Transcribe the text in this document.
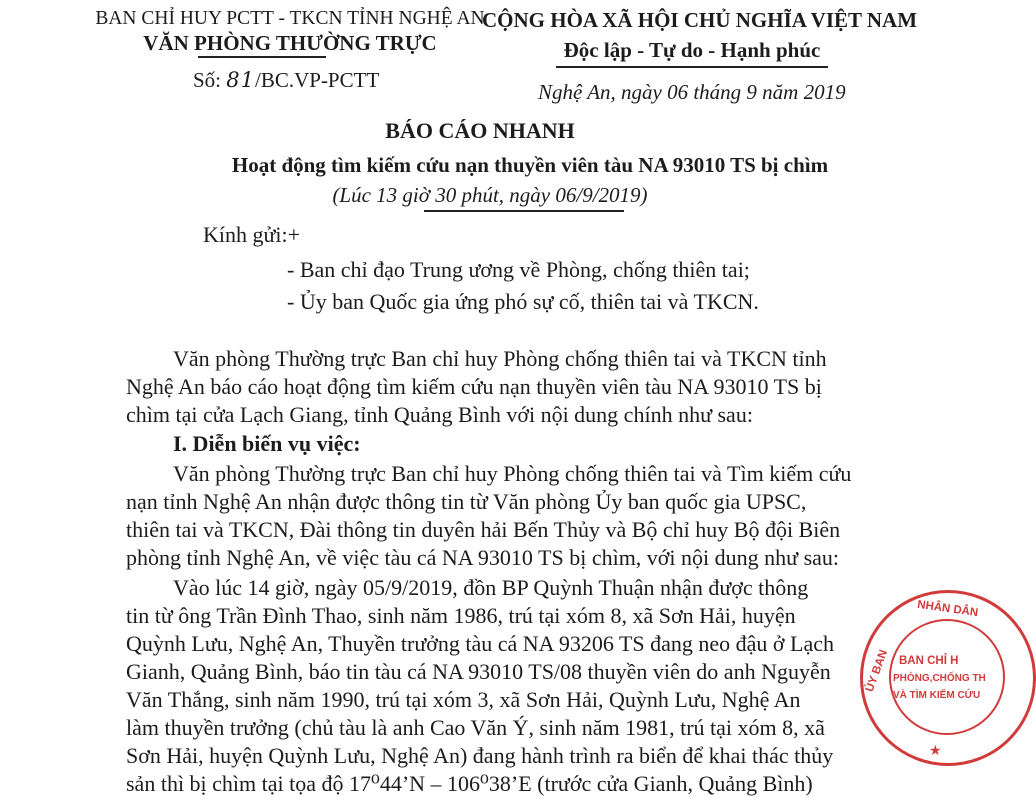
BAN CHỈ HUY PCTT - TKCN TỈNH NGHỆ AN
VĂN PHÒNG THƯỜNG TRỰC
CỘNG HÒA XÃ HỘI CHỦ NGHĨA VIỆT NAM
Độc lập - Tự do - Hạnh phúc
Số: 81/BC.VP-PCTT	Nghệ An, ngày 06 tháng 9 năm 2019
BÁO CÁO NHANH
Hoạt động tìm kiếm cứu nạn thuyền viên tàu NA 93010 TS bị chìm
(Lúc 13 giờ 30 phút, ngày 06/9/2019)
Kính gửi:+
- Ban chỉ đạo Trung ương về Phòng, chống thiên tai;
- Ủy ban Quốc gia ứng phó sự cố, thiên tai và TKCN.
Văn phòng Thường trực Ban chỉ huy Phòng chống thiên tai và TKCN tỉnh
Nghệ An báo cáo hoạt động tìm kiếm cứu nạn thuyền viên tàu NA 93010 TS bị
chìm tại cửa Lạch Giang, tỉnh Quảng Bình với nội dung chính như sau:
I. Diễn biến vụ việc:
Văn phòng Thường trực Ban chỉ huy Phòng chống thiên tai và Tìm kiếm cứu
nạn tỉnh Nghệ An nhận được thông tin từ Văn phòng Ủy ban quốc gia UPSC,
thiên tai và TKCN, Đài thông tin duyên hải Bến Thủy và Bộ chỉ huy Bộ đội Biên
phòng tỉnh Nghệ An, về việc tàu cá NA 93010 TS bị chìm, với nội dung như sau:
Vào lúc 14 giờ, ngày 05/9/2019, đồn BP Quỳnh Thuận nhận được thông
tin từ ông Trần Đình Thao, sinh năm 1986, trú tại xóm 8, xã Sơn Hải, huyện
Quỳnh Lưu, Nghệ An, Thuyền trưởng tàu cá NA 93206 TS đang neo đậu ở Lạch
Gianh, Quảng Bình, báo tin tàu cá NA 93010 TS/08 thuyền viên do anh Nguyễn
Văn Thắng, sinh năm 1990, trú tại xóm 3, xã Sơn Hải, Quỳnh Lưu, Nghệ An
làm thuyền trưởng (chủ tàu là anh Cao Văn Ý, sinh năm 1981, trú tại xóm 8, xã
Sơn Hải, huyện Quỳnh Lưu, Nghệ An) đang hành trình ra biển để khai thác thủy
sản thì bị chìm tại tọa độ 17⁰44’N – 106⁰38’E (trước cửa Gianh, Quảng Bình)
NHÂN DÂN
ỦY BAN BAN CHỈ H
PHÒNG,CHỐNG TH
VÀ TÌM KIẾM CỨU
★
